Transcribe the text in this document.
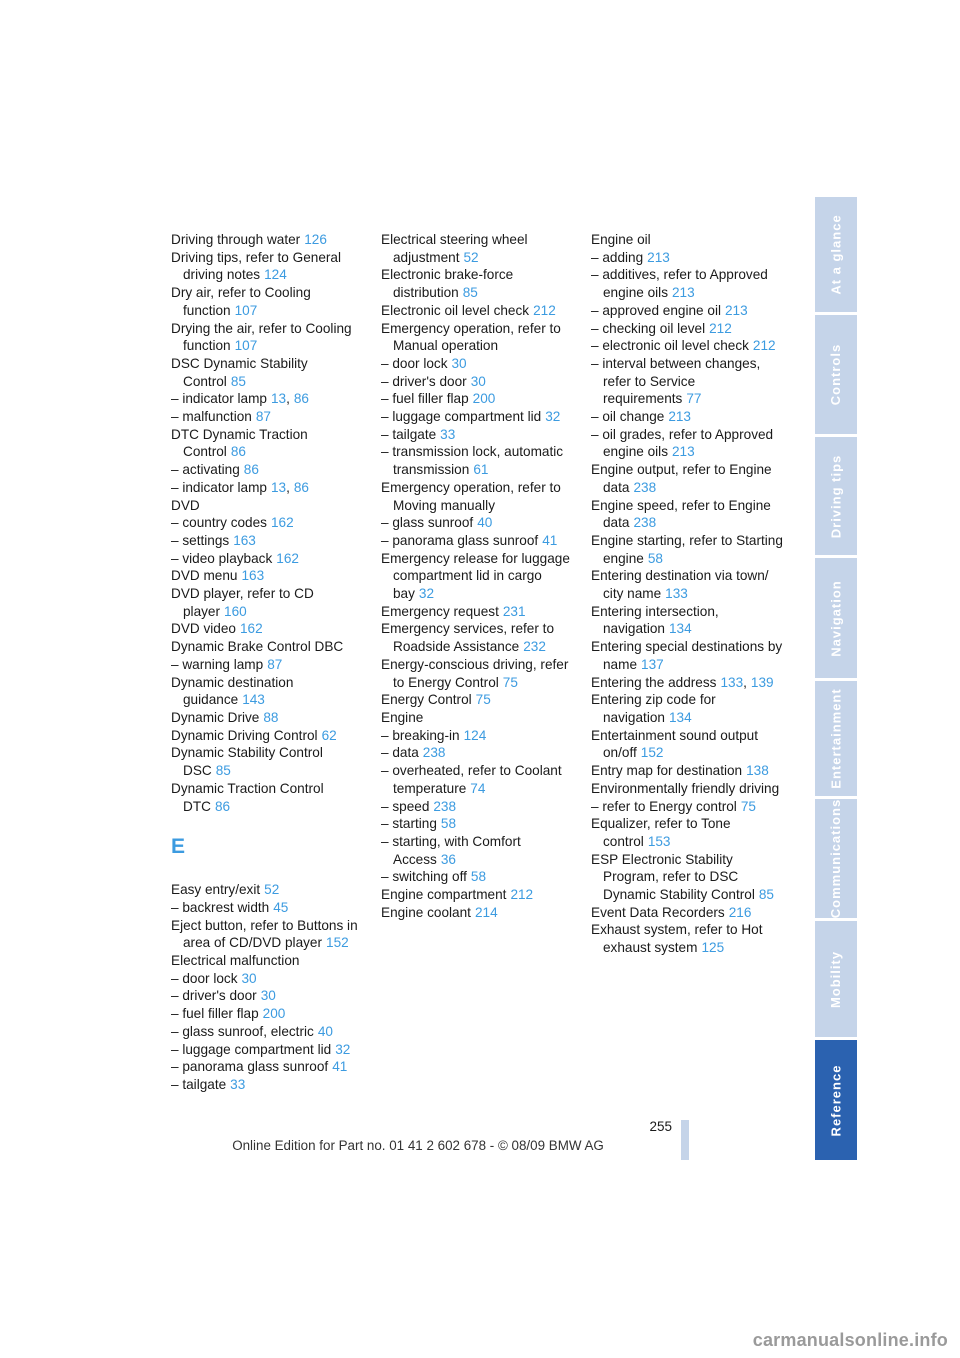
Driving through water 126
Driving tips, refer to General driving notes 124
Dry air, refer to Cooling function 107
Drying the air, refer to Cooling function 107
DSC Dynamic Stability Control 85
– indicator lamp 13, 86
– malfunction 87
DTC Dynamic Traction Control 86
– activating 86
– indicator lamp 13, 86
DVD
– country codes 162
– settings 163
– video playback 162
DVD menu 163
DVD player, refer to CD player 160
DVD video 162
Dynamic Brake Control DBC
– warning lamp 87
Dynamic destination guidance 143
Dynamic Drive 88
Dynamic Driving Control 62
Dynamic Stability Control DSC 85
Dynamic Traction Control DTC 86
E
Easy entry/exit 52
– backrest width 45
Eject button, refer to Buttons in area of CD/DVD player 152
Electrical malfunction
– door lock 30
– driver's door 30
– fuel filler flap 200
– glass sunroof, electric 40
– luggage compartment lid 32
– panorama glass sunroof 41
– tailgate 33
Electrical steering wheel adjustment 52
Electronic brake-force distribution 85
Electronic oil level check 212
Emergency operation, refer to Manual operation
– door lock 30
– driver's door 30
– fuel filler flap 200
– luggage compartment lid 32
– tailgate 33
– transmission lock, automatic transmission 61
Emergency operation, refer to Moving manually
– glass sunroof 40
– panorama glass sunroof 41
Emergency release for luggage compartment lid in cargo bay 32
Emergency request 231
Emergency services, refer to Roadside Assistance 232
Energy-conscious driving, refer to Energy Control 75
Energy Control 75
Engine
– breaking-in 124
– data 238
– overheated, refer to Coolant temperature 74
– speed 238
– starting 58
– starting, with Comfort Access 36
– switching off 58
Engine compartment 212
Engine coolant 214
Engine oil
– adding 213
– additives, refer to Approved engine oils 213
– approved engine oil 213
– checking oil level 212
– electronic oil level check 212
– interval between changes, refer to Service requirements 77
– oil change 213
– oil grades, refer to Approved engine oils 213
Engine output, refer to Engine data 238
Engine speed, refer to Engine data 238
Engine starting, refer to Starting engine 58
Entering destination via town/ city name 133
Entering intersection, navigation 134
Entering special destinations by name 137
Entering the address 133, 139
Entering zip code for navigation 134
Entertainment sound output on/off 152
Entry map for destination 138
Environmentally friendly driving
– refer to Energy control 75
Equalizer, refer to Tone control 153
ESP Electronic Stability Program, refer to DSC Dynamic Stability Control 85
Event Data Recorders 216
Exhaust system, refer to Hot exhaust system 125
At a glance
Controls
Driving tips
Navigation
Entertainment
Communications
Mobility
Reference
255
Online Edition for Part no. 01 41 2 602 678 - © 08/09 BMW AG
carmanualsonline.info
